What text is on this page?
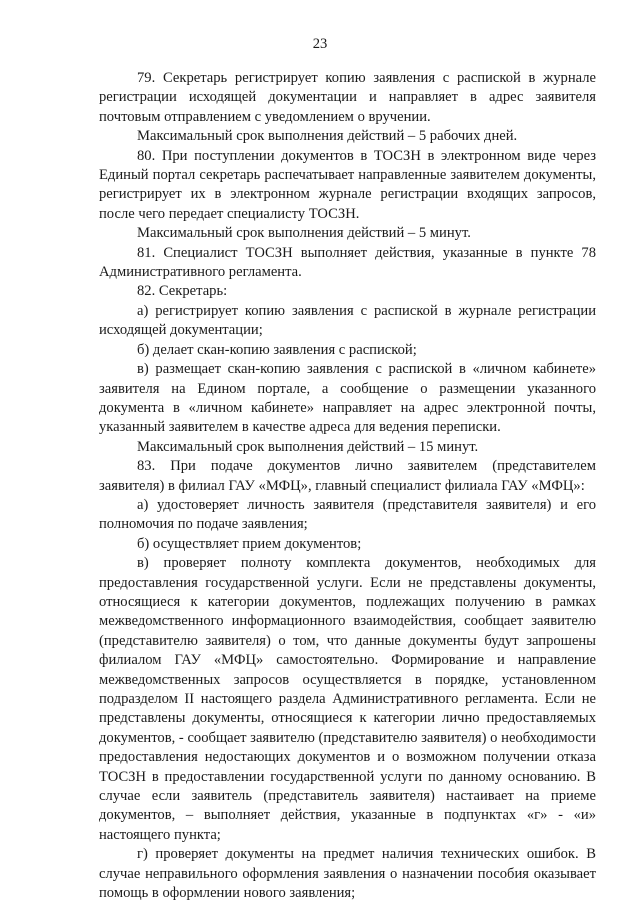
23

79. Секретарь регистрирует копию заявления с распиской в журнале регистрации исходящей документации и направляет в адрес заявителя почтовым отправлением с уведомлением о вручении.

Максимальный срок выполнения действий – 5 рабочих дней.

80. При поступлении документов в ТОСЗН в электронном виде через Единый портал секретарь распечатывает направленные заявителем документы, регистрирует их в электронном журнале регистрации входящих запросов, после чего передает специалисту ТОСЗН.

Максимальный срок выполнения действий – 5 минут.

81. Специалист ТОСЗН выполняет действия, указанные в пункте 78 Административного регламента.

82. Секретарь:

а) регистрирует копию заявления с распиской в журнале регистрации исходящей документации;

б) делает скан-копию заявления с распиской;

в) размещает скан-копию заявления с распиской в «личном кабинете» заявителя на Едином портале, а сообщение о размещении указанного документа в «личном кабинете» направляет на адрес электронной почты, указанный заявителем в качестве адреса для ведения переписки.

Максимальный срок выполнения действий – 15 минут.

83. При подаче документов лично заявителем (представителем заявителя) в филиал ГАУ «МФЦ», главный специалист филиала ГАУ «МФЦ»:

а) удостоверяет личность заявителя (представителя заявителя) и его полномочия по подаче заявления;

б) осуществляет прием документов;

в) проверяет полноту комплекта документов, необходимых для предоставления государственной услуги. Если не представлены документы, относящиеся к категории документов, подлежащих получению в рамках межведомственного информационного взаимодействия, сообщает заявителю (представителю заявителя) о том, что данные документы будут запрошены филиалом ГАУ «МФЦ» самостоятельно. Формирование и направление межведомственных запросов осуществляется в порядке, установленном подразделом II настоящего раздела Административного регламента. Если не представлены документы, относящиеся к категории лично предоставляемых документов, - сообщает заявителю (представителю заявителя) о необходимости предоставления недостающих документов и о возможном получении отказа ТОСЗН в предоставлении государственной услуги по данному основанию. В случае если заявитель (представитель заявителя) настаивает на приеме документов, – выполняет действия, указанные в подпунктах «г» - «и» настоящего пункта;

г) проверяет документы на предмет наличия технических ошибок. В случае неправильного оформления заявления о назначении пособия оказывает помощь в оформлении нового заявления;
